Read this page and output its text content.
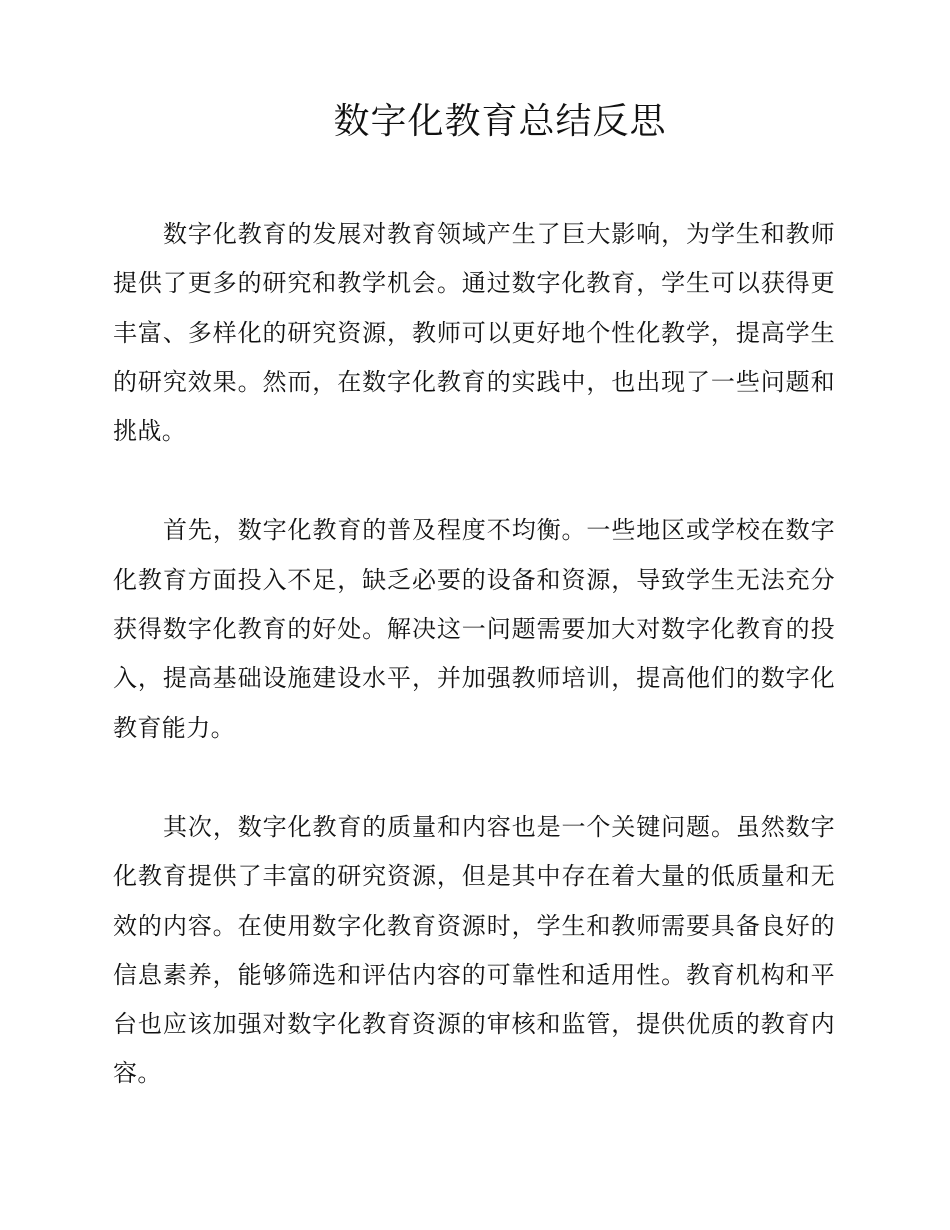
数字化教育总结反思

数字化教育的发展对教育领域产生了巨大影响，为学生和教师提供了更多的研究和教学机会。通过数字化教育，学生可以获得更丰富、多样化的研究资源，教师可以更好地个性化教学，提高学生的研究效果。然而，在数字化教育的实践中，也出现了一些问题和挑战。

首先，数字化教育的普及程度不均衡。一些地区或学校在数字化教育方面投入不足，缺乏必要的设备和资源，导致学生无法充分获得数字化教育的好处。解决这一问题需要加大对数字化教育的投入，提高基础设施建设水平，并加强教师培训，提高他们的数字化教育能力。

其次，数字化教育的质量和内容也是一个关键问题。虽然数字化教育提供了丰富的研究资源，但是其中存在着大量的低质量和无效的内容。在使用数字化教育资源时，学生和教师需要具备良好的信息素养，能够筛选和评估内容的可靠性和适用性。教育机构和平台也应该加强对数字化教育资源的审核和监管，提供优质的教育内容。
